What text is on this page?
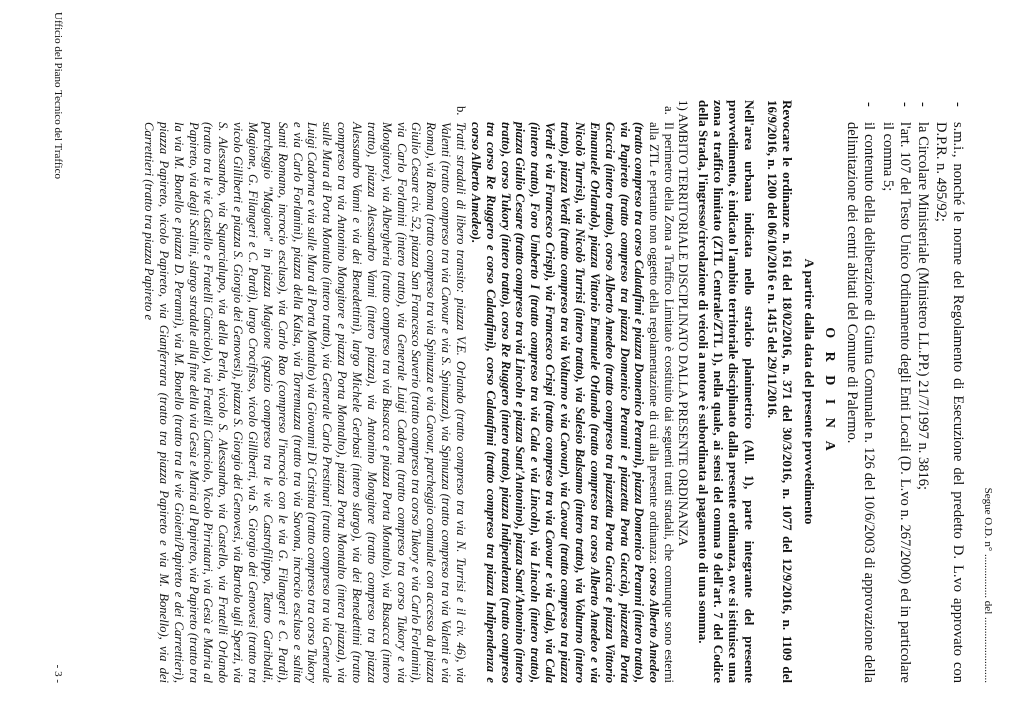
Segue O.D. n° ................ del ........................
- s.m.i., nonché le norme del Regolamento di Esecuzione del predetto D. L.vo approvato con D.P.R. n. 495/92;
- la Circolare Ministeriale (Ministero LL.PP.) 21/7/1997 n. 3816;
- l'art. 107 del Testo Unico Ordinamento degli Enti Locali (D. L.vo n. 267/2000) ed in particolare il comma 5;
- il contenuto della deliberazione di Giunta Comunale n. 126 del 10/6/2003 di approvazione della delimitazione dei centri abitati del Comune di Palermo.
O R D I N A
A partire dalla data del presente provvedimento

Revocare le ordinanze n. 161 del 18/02/2016, n. 371 del 30/3/2016, n. 1077 del 12/9/2016, n. 1109 del 16/9/2016, n. 1200 del 06/10/2016 e n. 1415 del 29/11/2016.

Nell'area urbana indicata nello stralcio planimetrico (All. 1), parte integrante del presente provvedimento, è indicato l'ambito territoriale disciplinato dalla presente ordinanza, ove si istituisce una zona a traffico limitato (ZTL Centrale/ZTL 1), nella quale, ai sensi del comma 9 dell'art. 7 del Codice della Strada, l'ingresso/circolazione di veicoli a motore è subordinata al pagamento di una somma.

1) AMBITO TERRITORIALE DISCIPLINATO DALLA PRESENTE ORDINANZA

a.
Il perimetro della Zona a Traffico Limitato è costituito dai seguenti tratti stradali, che comunque sono esterni alla ZTL e pertanto non oggetto della regolamentazione di cui alla presente ordinanza: corso Alberto Amedeo (tratto compreso tra corso Calatafimi e piazza Domenico Peranni), piazza Domenico Peranni (intero tratto), via Papireto (tratto compreso tra piazza Domenico Peranni e piazzetta Porta Guccia), piazzetta Porta Guccia (intero tratto), corso Alberto Amedeo (tratto compreso tra piazzetta Porta Guccia e piazza Vittorio Emanuele Orlando), piazza Vittorio Emanuele Orlando (tratto compreso tra corso Alberto Amedeo e via Nicolò Turrisi), via Nicolò Turrisi (intero tratto), via Salesio Balsamo (intero tratto), via Volturno (intero tratto), piazza Verdi (tratto compreso tra via Volturno e via Cavour), via Cavour (tratto compreso tra piazza Verdi e via Francesco Crispi), via Francesco Crispi (tratto compreso tra via Cavour e via Cala), via Cala (intero tratto), Foro Umberto I (tratto compreso tra via Cala e via Lincoln), via Lincoln (intero tratto), piazza Giulio Cesare (tratto compreso tra via Lincoln e piazza Sant'Antonino), piazza Sant'Antonino (intero tratto), corso Tukory (intero tratto), corso Re Ruggero (intero tratto), piazza Indipendenza (tratto compreso tra corso Re Ruggero e corso Calatafimi), corso Calatafimi (tratto compreso tra piazza Indipendenza e corso Alberto Amedeo).
b.
Tratti stradali di libero transito: piazza V.E. Orlando (tratto compreso tra via N. Turrisi e il civ. 46), via Valenti (tratto compreso tra via Cavour e via S. Spinuzza), via Spinuzza (tratto compreso tra via Valenti e via Roma), via Roma (tratto compreso tra via Spinuzza e via Cavour, parcheggio comunale con accesso da piazza Giulio Cesare civ. 52, piazza San Francesco Saverio (tratto compreso tra corso Tukory e via Carlo Forlanini), via Carlo Forlanini (intero tratto), via Generale Luigi Cadorna (tratto compreso tra corso Tukory e via Mongitore), via Albergheria (tratto compreso tra via Busacca e piazza Porta Montalto), via Busacca (intero tratto), piazza Alessandro Vanni (intero piazza), via Antonino Mongitore (tratto compreso tra piazza Alessandro Vanni e via dei Benedettini), largo Michele Gerbasi (intero slargo), via dei Benedettini (tratto compreso tra via Antonino Mongitore e piazza Porta Montalto), piazza Porta Montalto (intera piazza), via sulle Mura di Porta Montalto (intero tratto), via Generale Carlo Prestinari (tratto compreso tra via Generale Luigi Cadorna e via sulle Mura di Porta Montalto) via Giovanni Di Cristina (tratto compreso tra corso Tukory e via Carlo Forlanini), piazza della Kalsa, via Torremuzza (tratto tra via Savona, incrocio escluso e salita Santi Romano, incrocio escluso), via Carlo Rao (compreso l'incrocio con le via G. Filangeri e C. Pardi), parcheggio "Magione" in piazza Magione (spazio compreso tra le vie Castrofilippo, Teatro Garibaldi, Magione, G. Filangeri e C. Pardi), largo Crocifisso, vicolo Gilliberti, via S. Giorgio dei Genovesi (tratto tra vicolo Gilliberti e piazza S. Giorgio dei Genovesi), piazza S. Giorgio dei Genovesi, via Bartolo ugli Sperzi, via S. Alessandro, via Squarcialupo, via della Perla, vicolo S. Alessandro, via Castello, via Fratelli Orlando (tratto tra le vie Castello e Fratelli Cianciolo), via Fratelli Cianciolo, Vicolo Pirriatari, via Gesù e Maria al Papireto, via degli Scalini, slargo stradale alla fine della via Gesù e Maria al Papireto, via Papireto (tratto tra la via M. Bonello e piazza D. Peranni), via M. Bonello (tratto tra le vie Gioieni/Papireto e dei Carrettieri), piazza Papireto, vicolo Papireto, via Gianferrara (tratto tra piazza Papireto e via M. Bonello), via dei Carrettieri (tratto tra piazza Papireto e
Ufficio del Piano Tecnico del Traffico
- 3 -
